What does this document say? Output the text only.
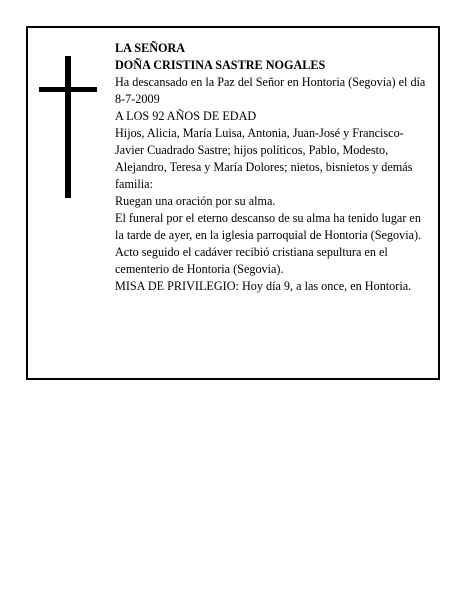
LA SEÑORA
DOÑA CRISTINA SASTRE NOGALES
Ha descansado en la Paz del Señor en Hontoria (Segovia) el día 8-7-2009
A LOS 92 AÑOS DE EDAD
Hijos, Alicia, María Luisa, Antonia, Juan-José y Francisco-Javier Cuadrado Sastre; hijos políticos, Pablo, Modesto, Alejandro, Teresa y María Dolores; nietos, bisnietos y demás familia:
Ruegan una oración por su alma.
El funeral por el eterno descanso de su alma ha tenido lugar en la tarde de ayer, en la iglesia parroquial de Hontoria (Segovia). Acto seguido el cadáver recibió cristiana sepultura en el cementerio de Hontoria (Segovia).
MISA DE PRIVILEGIO: Hoy día 9, a las once, en Hontoria.
